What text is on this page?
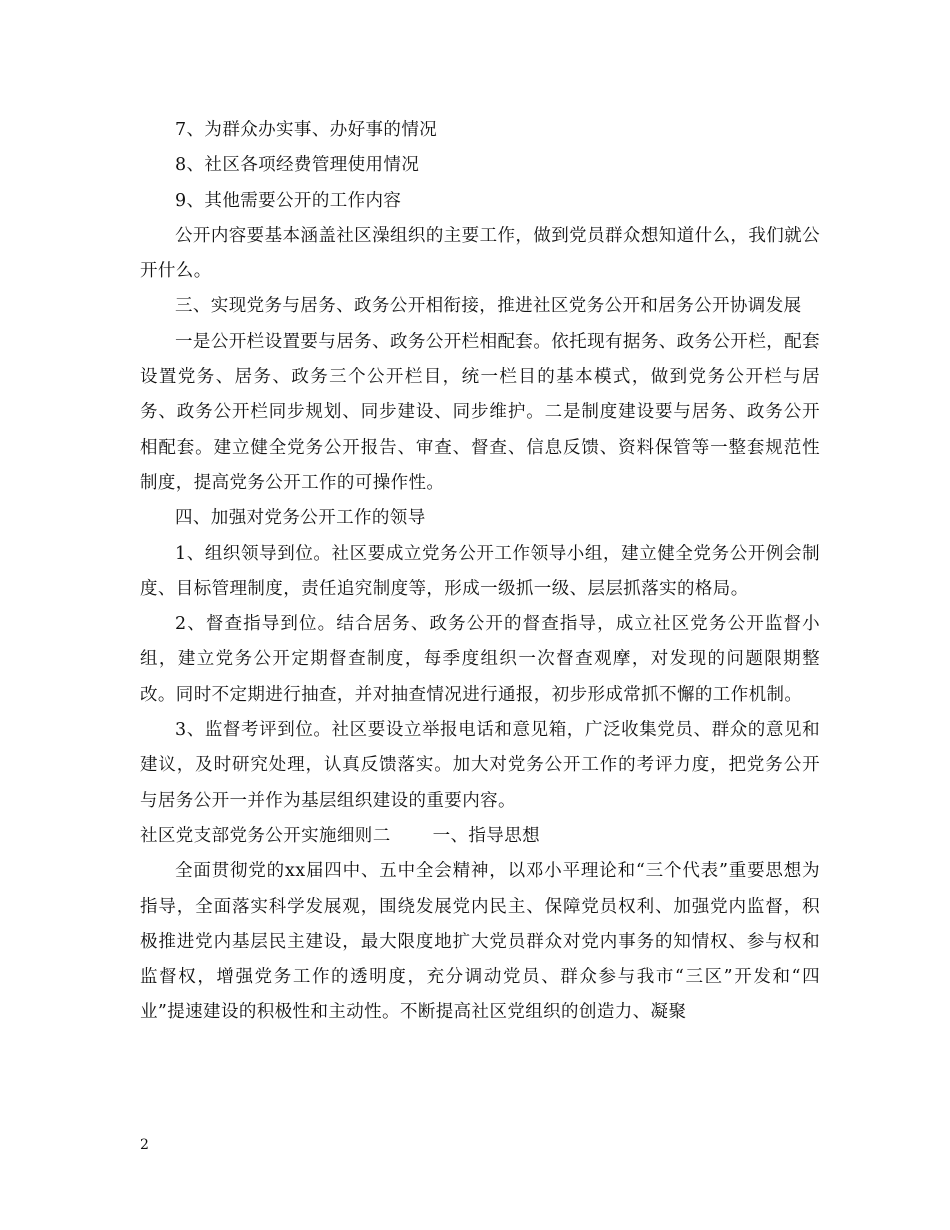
7、为群众办实事、办好事的情况

8、社区各项经费管理使用情况

9、其他需要公开的工作内容

公开内容要基本涵盖社区澡组织的主要工作，做到党员群众想知道什么，我们就公开什么。

三、实现党务与居务、政务公开相衔接，推进社区党务公开和居务公开协调发展

一是公开栏设置要与居务、政务公开栏相配套。依托现有据务、政务公开栏，配套设置党务、居务、政务三个公开栏目，统一栏目的基本模式，做到党务公开栏与居务、政务公开栏同步规划、同步建设、同步维护。二是制度建设要与居务、政务公开相配套。建立健全党务公开报告、审查、督查、信息反馈、资料保管等一整套规范性制度，提高党务公开工作的可操作性。

四、加强对党务公开工作的领导

1、组织领导到位。社区要成立党务公开工作领导小组，建立健全党务公开例会制度、目标管理制度，责任追究制度等，形成一级抓一级、层层抓落实的格局。

2、督查指导到位。结合居务、政务公开的督查指导，成立社区党务公开监督小组，建立党务公开定期督查制度，每季度组织一次督查观摩，对发现的问题限期整改。同时不定期进行抽查，并对抽查情况进行通报，初步形成常抓不懈的工作机制。

3、监督考评到位。社区要设立举报电话和意见箱，广泛收集党员、群众的意见和建议，及时研究处理，认真反馈落实。加大对党务公开工作的考评力度，把党务公开与居务公开一并作为基层组织建设的重要内容。

社区党支部党务公开实施细则二 一、指导思想

全面贯彻党的xx届四中、五中全会精神，以邓小平理论和“三个代表”重要思想为指导，全面落实科学发展观，围绕发展党内民主、保障党员权利、加强党内监督，积极推进党内基层民主建设，最大限度地扩大党员群众对党内事务的知情权、参与权和监督权，增强党务工作的透明度，充分调动党员、群众参与我市“三区”开发和“四业”提速建设的积极性和主动性。不断提高社区党组织的创造力、凝聚

2
